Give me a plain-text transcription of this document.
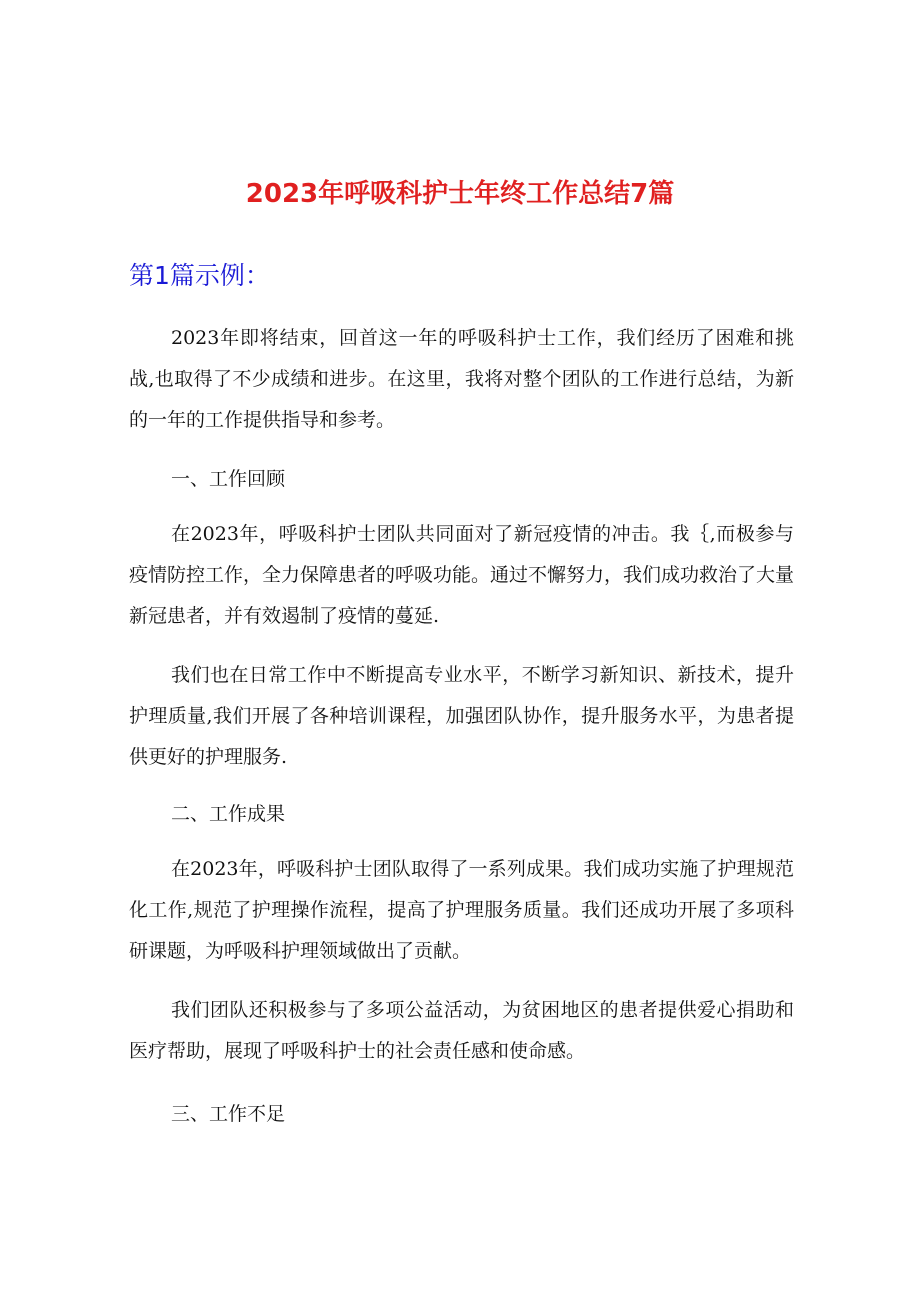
2023年呼吸科护士年终工作总结7篇
第1篇示例：

2023年即将结束，回首这一年的呼吸科护士工作，我们经历了困难和挑战,也取得了不少成绩和进步。在这里，我将对整个团队的工作进行总结，为新的一年的工作提供指导和参考。

一、工作回顾

在2023年，呼吸科护士团队共同面对了新冠疫情的冲击。我｛,而极参与疫情防控工作，全力保障患者的呼吸功能。通过不懈努力，我们成功救治了大量新冠患者，并有效遏制了疫情的蔓延.

我们也在日常工作中不断提高专业水平，不断学习新知识、新技术，提升护理质量,我们开展了各种培训课程，加强团队协作，提升服务水平，为患者提供更好的护理服务.

二、工作成果

在2023年，呼吸科护士团队取得了一系列成果。我们成功实施了护理规范化工作,规范了护理操作流程，提高了护理服务质量。我们还成功开展了多项科研课题，为呼吸科护理领域做出了贡献。

我们团队还积极参与了多项公益活动，为贫困地区的患者提供爱心捐助和医疗帮助，展现了呼吸科护士的社会责任感和使命感。

三、工作不足
